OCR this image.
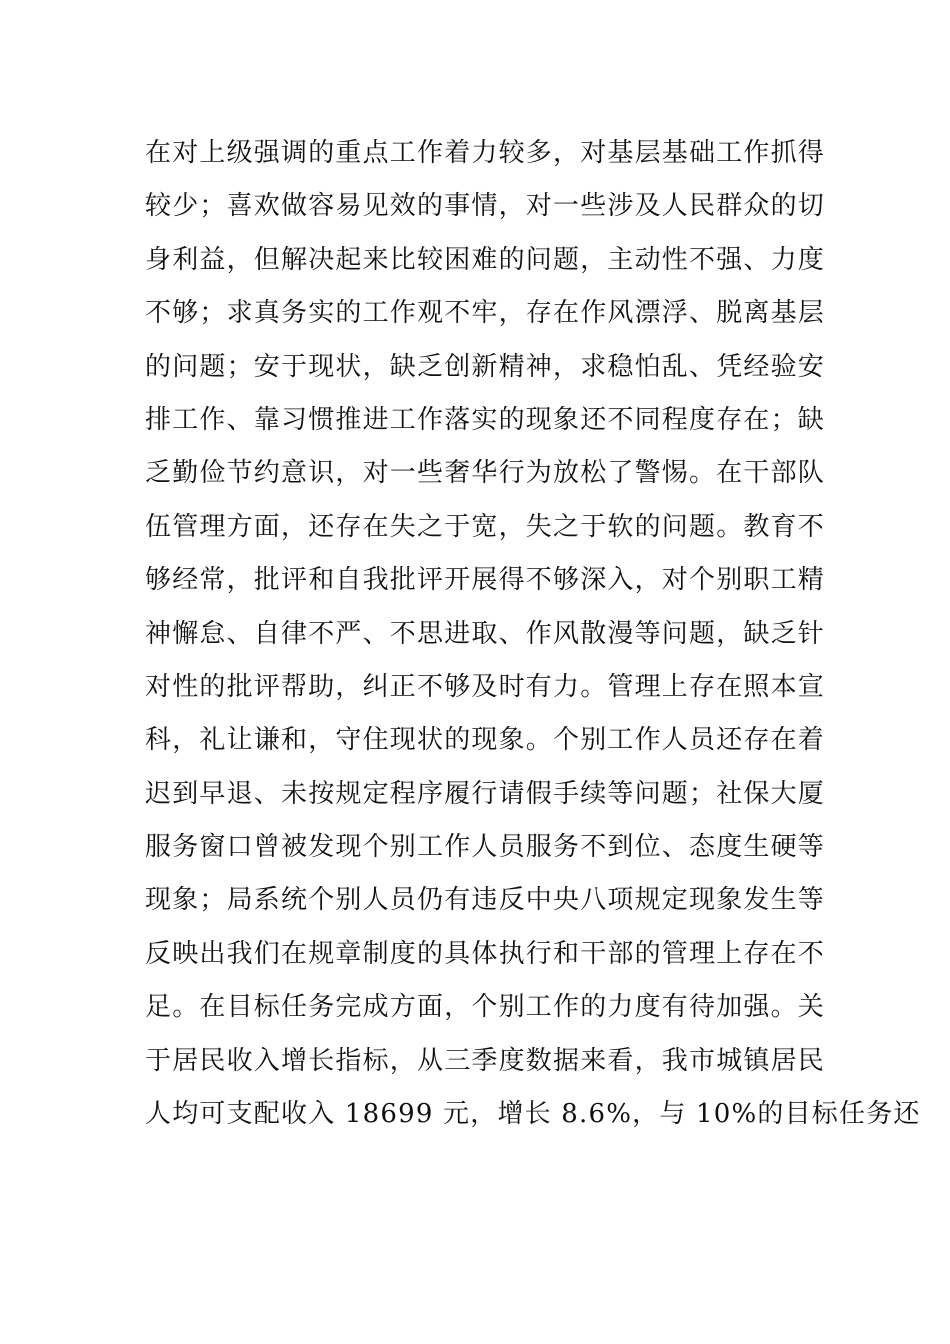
在对上级强调的重点工作着力较多，对基层基础工作抓得
较少；喜欢做容易见效的事情，对一些涉及人民群众的切
身利益，但解决起来比较困难的问题，主动性不强、力度
不够；求真务实的工作观不牢，存在作风漂浮、脱离基层
的问题；安于现状，缺乏创新精神，求稳怕乱、凭经验安
排工作、靠习惯推进工作落实的现象还不同程度存在；缺
乏勤俭节约意识，对一些奢华行为放松了警惕。在干部队
伍管理方面，还存在失之于宽，失之于软的问题。教育不
够经常，批评和自我批评开展得不够深入，对个别职工精
神懈怠、自律不严、不思进取、作风散漫等问题，缺乏针
对性的批评帮助，纠正不够及时有力。管理上存在照本宣
科，礼让谦和，守住现状的现象。个别工作人员还存在着
迟到早退、未按规定程序履行请假手续等问题；社保大厦
服务窗口曾被发现个别工作人员服务不到位、态度生硬等
现象；局系统个别人员仍有违反中央八项规定现象发生等
反映出我们在规章制度的具体执行和干部的管理上存在不
足。在目标任务完成方面，个别工作的力度有待加强。关
于居民收入增长指标，从三季度数据来看，我市城镇居民
人均可支配收入 18699 元，增长 8.6%，与 10%的目标任务还
